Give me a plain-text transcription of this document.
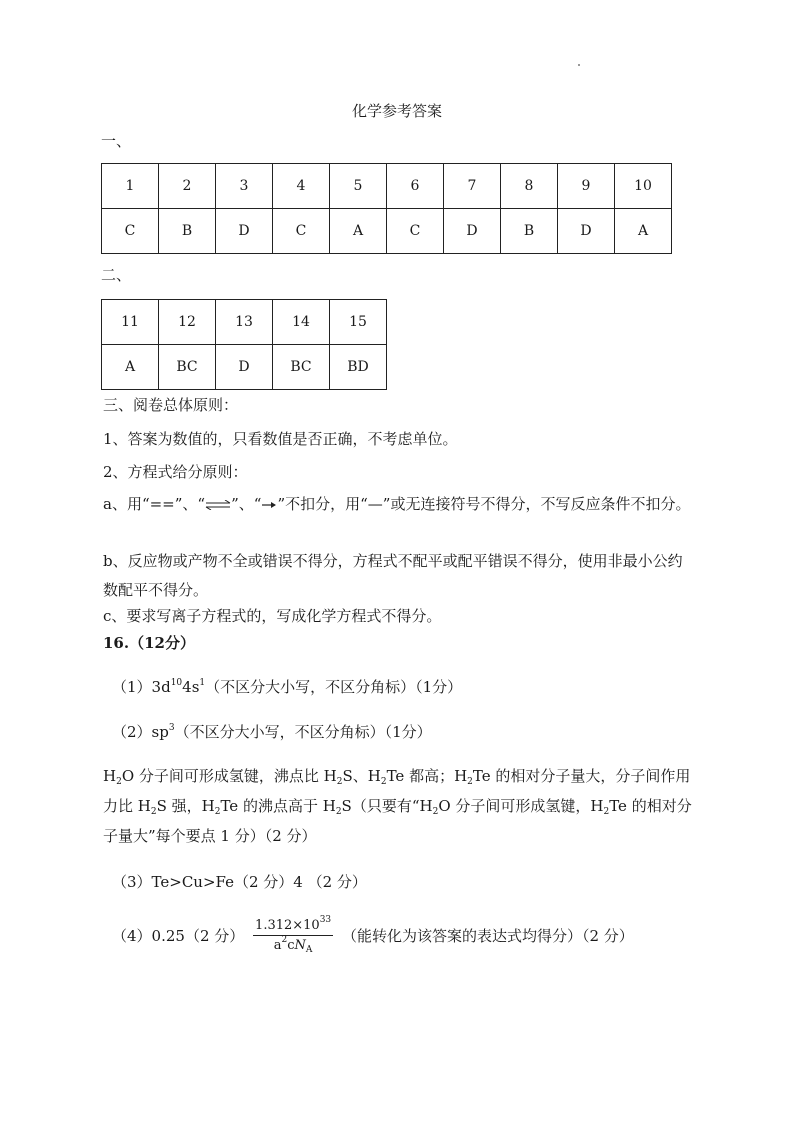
化学参考答案
一、
1	2	3	4	5	6	7	8	9	10
C	B	D	C	A	C	D	B	D	A
二、
11	12	13	14	15
A	BC	D	BC	BD
三、阅卷总体原则：
1、答案为数值的，只看数值是否正确，不考虑单位。
2、方程式给分原则：
a、用“==”、“⇌”、“ ”不扣分，用“—”或无连接符号不得分，不写反应条件不扣分。
b、反应物或产物不全或错误不得分，方程式不配平或配平错误不得分，使用非最小公约数配平不得分。
c、要求写离子方程式的，写成化学方程式不得分。
16.（12分）
$(1)3d^{10}4s^1$（不区分大小写，不区分角标）（1分）
$(2)sp^3$（不区分大小写，不区分角标）（1分）
$H_2O$ 分子间可形成氢键，沸点比 $H_2S$、$H_2Te$ 都高；$H_2Te$ 的相对分子量大，分子间作用力比 $H_2S$ 强，$H_2Te$ 的沸点高于 $H_2S$（只要有“$H_2O$ 分子间可形成氢键，$H_2Te$ 的相对分子量大”每个要点 1 分）（2 分）
（3）Te>Cu>Fe（2 分）4 （2 分）
（4）0.25（2 分） $\frac{1.312\times 10^{33}}{a^2cN_A}$ （能转化为该答案的表达式均得分）（2 分）
